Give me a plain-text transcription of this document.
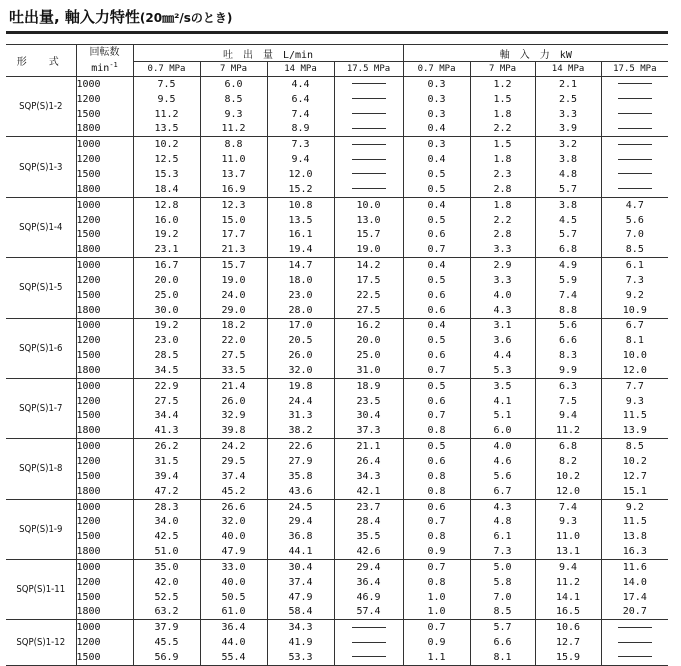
吐出量, 軸入力特性(20㎜²/sのとき)
形　式	回転数
$\min^{-1}$	吐　出　量　L/min				軸　入　力　kW			
		0.7 MPa	7 MPa	14 MPa	17.5 MPa	0.7 MPa	7 MPa	14 MPa	17.5 MPa
SQP(S)1-2	1000	7.5	6.0	4.4		0.3	1.2	2.1	
	1200	9.5	8.5	6.4		0.3	1.5	2.5	
	1500	11.2	9.3	7.4		0.3	1.8	3.3	
	1800	13.5	11.2	8.9		0.4	2.2	3.9	
SQP(S)1-3	1000	10.2	8.8	7.3		0.3	1.5	3.2	
	1200	12.5	11.0	9.4		0.4	1.8	3.8	
	1500	15.3	13.7	12.0		0.5	2.3	4.8	
	1800	18.4	16.9	15.2		0.5	2.8	5.7	
SQP(S)1-4	1000	12.8	12.3	10.8	10.0	0.4	1.8	3.8	4.7
	1200	16.0	15.0	13.5	13.0	0.5	2.2	4.5	5.6
	1500	19.2	17.7	16.1	15.7	0.6	2.8	5.7	7.0
	1800	23.1	21.3	19.4	19.0	0.7	3.3	6.8	8.5
SQP(S)1-5	1000	16.7	15.7	14.7	14.2	0.4	2.9	4.9	6.1
	1200	20.0	19.0	18.0	17.5	0.5	3.3	5.9	7.3
	1500	25.0	24.0	23.0	22.5	0.6	4.0	7.4	9.2
	1800	30.0	29.0	28.0	27.5	0.6	4.3	8.8	10.9
SQP(S)1-6	1000	19.2	18.2	17.0	16.2	0.4	3.1	5.6	6.7
	1200	23.0	22.0	20.5	20.0	0.5	3.6	6.6	8.1
	1500	28.5	27.5	26.0	25.0	0.6	4.4	8.3	10.0
	1800	34.5	33.5	32.0	31.0	0.7	5.3	9.9	12.0
SQP(S)1-7	1000	22.9	21.4	19.8	18.9	0.5	3.5	6.3	7.7
	1200	27.5	26.0	24.4	23.5	0.6	4.1	7.5	9.3
	1500	34.4	32.9	31.3	30.4	0.7	5.1	9.4	11.5
	1800	41.3	39.8	38.2	37.3	0.8	6.0	11.2	13.9
SQP(S)1-8	1000	26.2	24.2	22.6	21.1	0.5	4.0	6.8	8.5
	1200	31.5	29.5	27.9	26.4	0.6	4.6	8.2	10.2
	1500	39.4	37.4	35.8	34.3	0.8	5.6	10.2	12.7
	1800	47.2	45.2	43.6	42.1	0.8	6.7	12.0	15.1
SQP(S)1-9	1000	28.3	26.6	24.5	23.7	0.6	4.3	7.4	9.2
	1200	34.0	32.0	29.4	28.4	0.7	4.8	9.3	11.5
	1500	42.5	40.0	36.8	35.5	0.8	6.1	11.0	13.8
	1800	51.0	47.9	44.1	42.6	0.9	7.3	13.1	16.3
SQP(S)1-11	1000	35.0	33.0	30.4	29.4	0.7	5.0	9.4	11.6
	1200	42.0	40.0	37.4	36.4	0.8	5.8	11.2	14.0
	1500	52.5	50.5	47.9	46.9	1.0	7.0	14.1	17.4
	1800	63.2	61.0	58.4	57.4	1.0	8.5	16.5	20.7
SQP(S)1-12	1000	37.9	36.4	34.3		0.7	5.7	10.6	
	1200	45.5	44.0	41.9		0.9	6.6	12.7	
	1500	56.9	55.4	53.3		1.1	8.1	15.9	
